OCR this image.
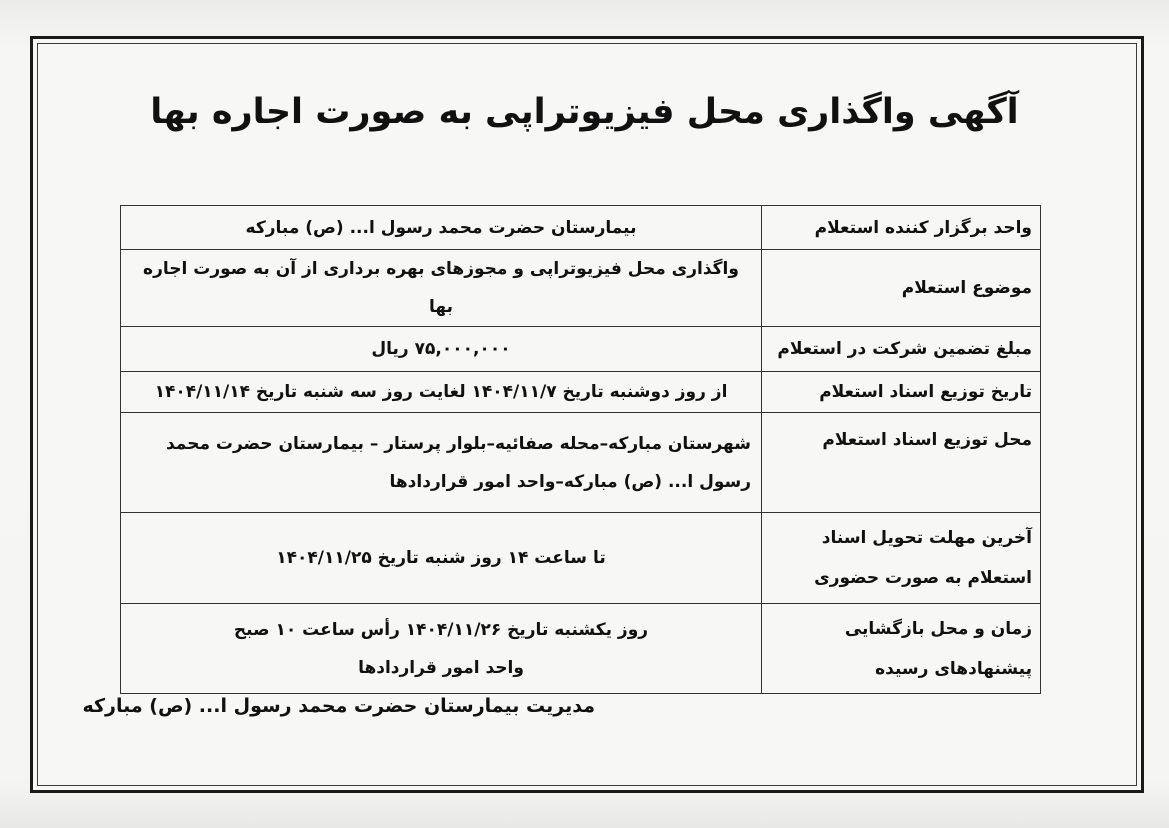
آگهی واگذاری محل فیزیوتراپی به صورت اجاره بها
واحد برگزار کننده استعلام	بیمارستان حضرت محمد رسول ا... (ص) مبارکه

موضوع استعلام	واگذاری محل فیزیوتراپی و مجوزهای بهره برداری از آن به صورت اجاره بها

مبلغ تضمین شرکت در استعلام	۷۵,۰۰۰,۰۰۰ ریال

تاریخ توزیع اسناد استعلام	از روز دوشنبه تاریخ ۱۴۰۴/۱۱/۷ لغایت روز سه شنبه تاریخ ۱۴۰۴/۱۱/۱۴

محل توزیع اسناد استعلام	شهرستان مبارکه–محله صفائیه–بلوار پرستار – بیمارستان حضرت محمد
رسول ا... (ص) مبارکه–واحد امور قراردادها

آخرین مهلت تحویل اسناد
استعلام به صورت حضوری	تا ساعت ۱۴ روز شنبه تاریخ ۱۴۰۴/۱۱/۲۵

زمان و محل بازگشایی
پیشنهادهای رسیده	روز یکشنبه تاریخ ۱۴۰۴/۱۱/۲۶ رأس ساعت ۱۰ صبح
واحد امور قراردادها
مدیریت بیمارستان حضرت محمد رسول ا... (ص) مبارکه
